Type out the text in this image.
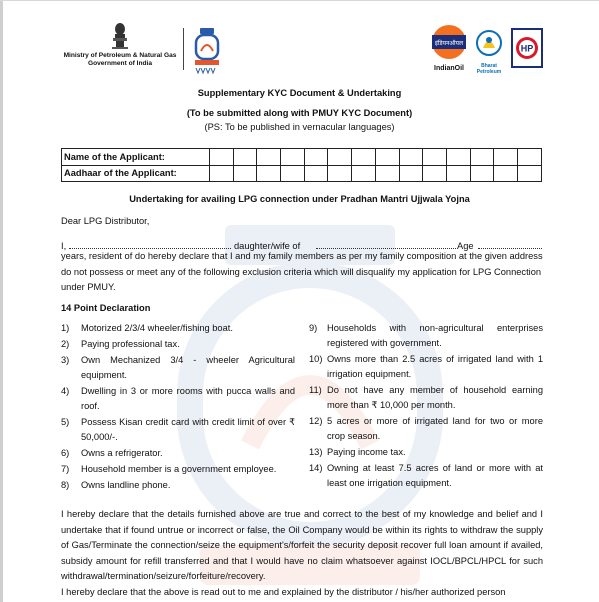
Ministry of Petroleum & Natural Gas
Government of India
इंडियनऑयल
IndianOil	Bharat
Petroleum
HP
Supplementary KYC Document & Undertaking
(To be submitted along with PMUY KYC Document)
(PS: To be published in vernacular languages)
Name of the Applicant:														
Aadhaar of the Applicant:														
Undertaking for availing LPG connection under Pradhan Mantri Ujjwala Yojna
Dear LPG Distributor,
I,	daughter/wife of	Age
years, resident of do hereby declare that I and my family members as per my family composition at the given address do not possess or meet any of the following exclusion criteria which will disqualify my application for LPG Connection under PMUY.
14 Point Declaration
1) Motorized 2/3/4 wheeler/fishing boat.
2) Paying professional tax.
3) Own Mechanized 3/4 - wheeler Agricultural equipment.
4) Dwelling in 3 or more rooms with pucca walls and roof.
5) Possess Kisan credit card with credit limit of over ₹ 50,000/-.
6) Owns a refrigerator.
7) Household member is a government employee.
8) Owns landline phone.
9) Households with non-agricultural enterprises registered with government.
10) Owns more than 2.5 acres of irrigated land with 1 irrigation equipment.
11) Do not have any member of household earning more than ₹ 10,000 per month.
12) 5 acres or more of irrigated land for two or more crop season.
13) Paying income tax.
14) Owning at least 7.5 acres of land or more with at least one irrigation equipment.
I hereby declare that the details furnished above are true and correct to the best of my knowledge and belief and I undertake that if found untrue or incorrect or false, the Oil Company would be within its rights to withdraw the supply of Gas/Terminate the connection/seize the equipment's/forfeit the security deposit recover full loan amount if availed, subsidy amount for refill transferred and that I would have no claim whatsoever against IOCL/BPCL/HPCL for such withdrawal/termination/seizure/forfeiture/recovery.
I hereby declare that the above is read out to me and explained by the distributor / his/her authorized person
